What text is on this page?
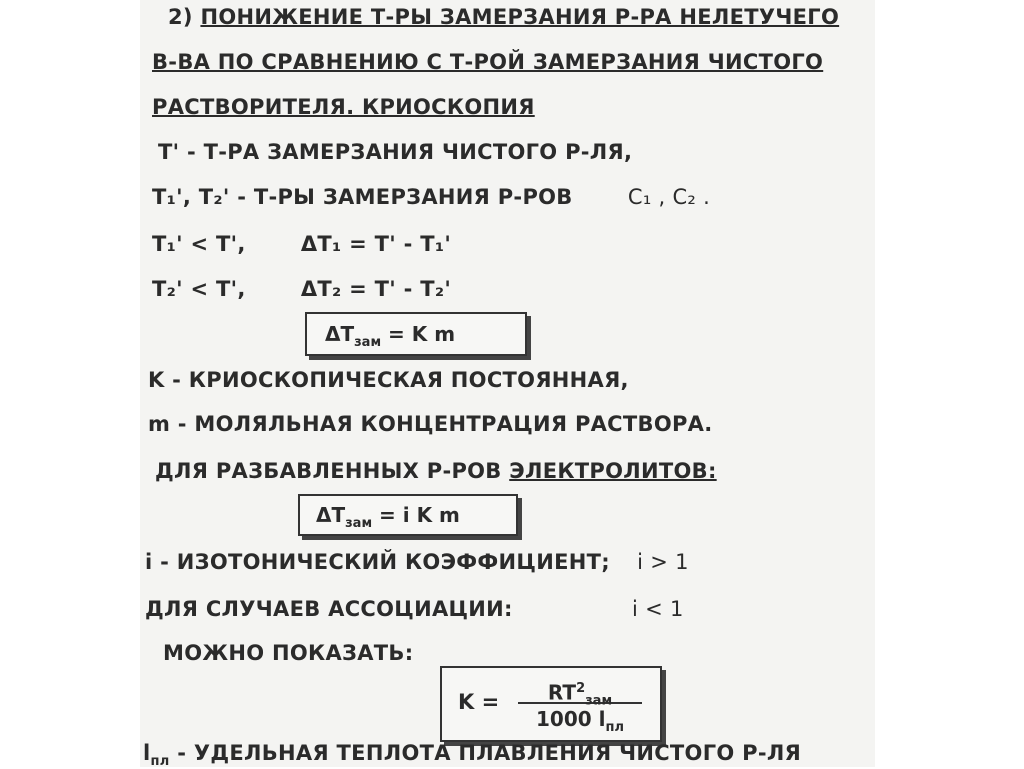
2) ПОНИЖЕНИЕ Т-РЫ ЗАМЕРЗАНИЯ Р-РА НЕЛЕТУЧЕГО
В-ВА ПО СРАВНЕНИЮ С Т-РОЙ ЗАМЕРЗАНИЯ ЧИСТОГО
РАСТВОРИТЕЛЯ. КРИОСКОПИЯ
T' - Т-РА ЗАМЕРЗАНИЯ ЧИСТОГО Р-ЛЯ,
T₁', T₂' - Т-РЫ ЗАМЕРЗАНИЯ Р-РОВ	C₁ , C₂ .
T₁' < T',	ΔT₁ = T' - T₁'
T₂' < T',	ΔT₂ = T' - T₂'
$\Delta T_{зам} = K$ m
K - КРИОСКОПИЧЕСКАЯ ПОСТОЯННАЯ,
m - МОЛЯЛЬНАЯ КОНЦЕНТРАЦИЯ РАСТВОРА.
ДЛЯ РАЗБАВЛЕННЫХ Р-РОВ ЭЛЕКТРОЛИТОВ:
$\Delta T_{зам} = i$ K m
i - ИЗОТОНИЧЕСКИЙ КОЭФФИЦИЕНТ; i > 1
ДЛЯ СЛУЧАЕВ АССОЦИАЦИИ:	i < 1
МОЖНО ПОКАЗАТЬ:
K =	$RT^2_{зам}$
1000 $l_{пл}$
$l_{пл}$ - УДЕЛЬНАЯ ТЕПЛОТА ПЛАВЛЕНИЯ ЧИСТОГО Р-ЛЯ
